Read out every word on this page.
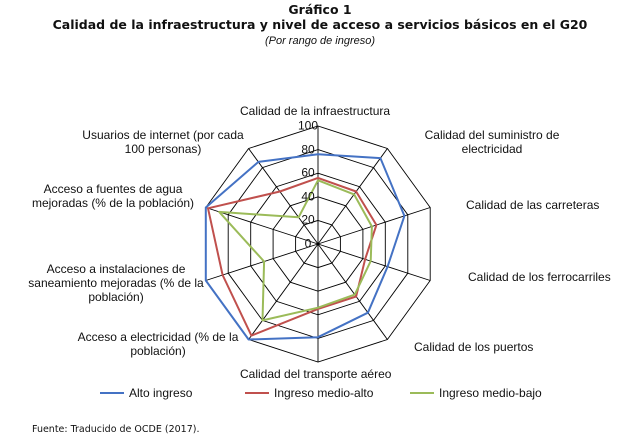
Gráfico 1
Calidad de la infraestructura y nivel de acceso a servicios básicos en el G20
(Por rango de ingreso)
Calidad de la infraestructura
Calidad del suministro de electricidad
Calidad de las carreteras
Calidad de los ferrocarriles
Calidad de los puertos
Calidad del transporte aéreo
Acceso a electricidad (% de la población)
Acceso a instalaciones de saneamiento mejoradas (% de la población)
Acceso a fuentes de agua mejoradas (% de la población)
Usuarios de internet (por cada 100 personas)
0
20
40
60
80
100
Alto ingreso	Ingreso medio-alto	Ingreso medio-bajo
Fuente: Traducido de OCDE (2017).
